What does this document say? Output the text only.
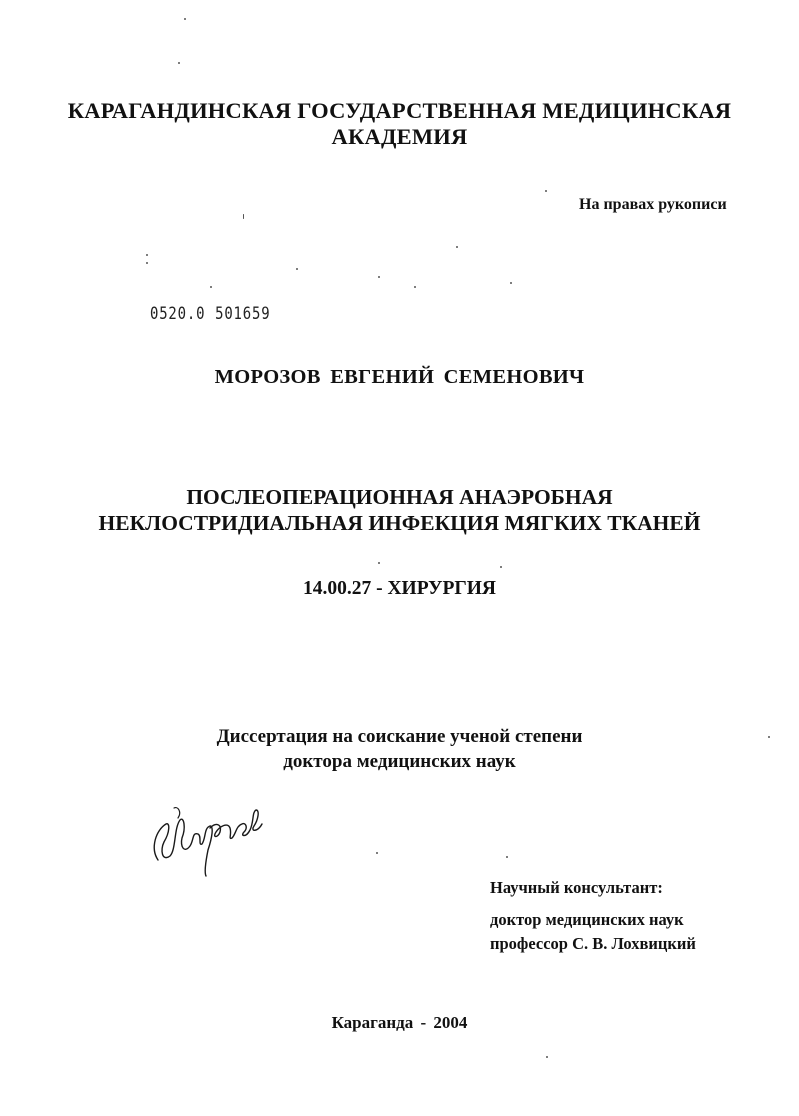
КАРАГАНДИНСКАЯ ГОСУДАРСТВЕННАЯ МЕДИЦИНСКАЯ
АКАДЕМИЯ
На правах рукописи
0520.0 501659
МОРОЗОВ ЕВГЕНИЙ СЕМЕНОВИЧ
ПОСЛЕОПЕРАЦИОННАЯ АНАЭРОБНАЯ
НЕКЛОСТРИДИАЛЬНАЯ ИНФЕКЦИЯ МЯГКИХ ТКАНЕЙ
14.00.27 - ХИРУРГИЯ
Диссертация на соискание ученой степени
доктора медицинских наук
Научный консультант:
доктор медицинских наук
профессор С. В. Лохвицкий
Караганда - 2004
